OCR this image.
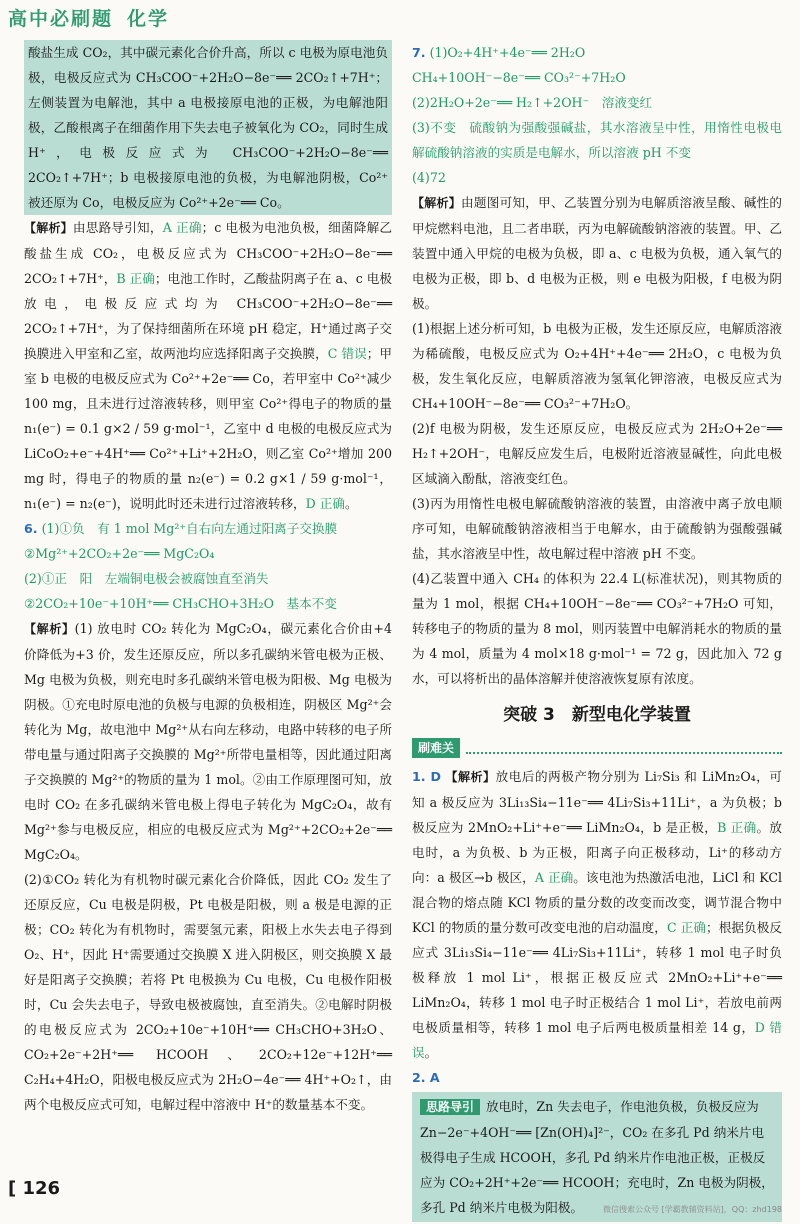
高中必刷题 化学

酸盐生成 CO₂，其中碳元素化合价升高，所以 c 电极为原电池负极，电极反应式为 CH₃COO⁻+2H₂O−8e⁻══ 2CO₂↑+7H⁺；左侧装置为电解池，其中 a 电极接原电池的正极，为电解池阳极，乙酸根离子在细菌作用下失去电子被氧化为 CO₂，同时生成 H⁺，电极反应式为 CH₃COO⁻+2H₂O−8e⁻══ 2CO₂↑+7H⁺；b 电极接原电池的负极，为电解池阴极，Co²⁺被还原为 Co，电极反应为 Co²⁺+2e⁻══ Co。

【解析】由思路导引知，A 正确；c 电极为电池负极，细菌降解乙酸盐生成 CO₂，电极反应式为 CH₃COO⁻+2H₂O−8e⁻══ 2CO₂↑+7H⁺，B 正确；电池工作时，乙酸盐阴离子在 a、c 电极放电，电极反应式均为 CH₃COO⁻+2H₂O−8e⁻══ 2CO₂↑+7H⁺，为了保持细菌所在环境 pH 稳定，H⁺通过离子交换膜进入甲室和乙室，故两池均应选择阳离子交换膜，C 错误；甲室 b 电极的电极反应式为 Co²⁺+2e⁻══ Co，若甲室中 Co²⁺减少 100 mg，且未进行过溶液转移，则甲室 Co²⁺得电子的物质的量 n₁(e⁻) = 0.1 g×2 / 59 g·mol⁻¹，乙室中 d 电极的电极反应式为 LiCoO₂+e⁻+4H⁺══ Co²⁺+Li⁺+2H₂O，则乙室 Co²⁺增加 200 mg 时，得电子的物质的量 n₂(e⁻) = 0.2 g×1 / 59 g·mol⁻¹，n₁(e⁻) = n₂(e⁻)，说明此时还未进行过溶液转移，D 正确。

6. (1)①负　有 1 mol Mg²⁺自右向左通过阳离子交换膜

②Mg²⁺+2CO₂+2e⁻══ MgC₂O₄

(2)①正　阳　左端铜电极会被腐蚀直至消失

②2CO₂+10e⁻+10H⁺══ CH₃CHO+3H₂O　基本不变

【解析】(1) 放电时 CO₂ 转化为 MgC₂O₄，碳元素化合价由+4 价降低为+3 价，发生还原反应，所以多孔碳纳米管电极为正极、Mg 电极为负极，则充电时多孔碳纳米管电极为阳极、Mg 电极为阴极。①充电时原电池的负极与电源的负极相连，阴极区 Mg²⁺会转化为 Mg，故电池中 Mg²⁺从右向左移动，电路中转移的电子所带电量与通过阳离子交换膜的 Mg²⁺所带电量相等，因此通过阳离子交换膜的 Mg²⁺的物质的量为 1 mol。②由工作原理图可知，放电时 CO₂ 在多孔碳纳米管电极上得电子转化为 MgC₂O₄，故有 Mg²⁺参与电极反应，相应的电极反应式为 Mg²⁺+2CO₂+2e⁻══ MgC₂O₄。

(2)①CO₂ 转化为有机物时碳元素化合价降低，因此 CO₂ 发生了还原反应，Cu 电极是阴极，Pt 电极是阳极，则 a 极是电源的正极；CO₂ 转化为有机物时，需要氢元素，阳极上水失去电子得到 O₂、H⁺，因此 H⁺需要通过交换膜 X 进入阴极区，则交换膜 X 最好是阳离子交换膜；若将 Pt 电极换为 Cu 电极，Cu 电极作阳极时，Cu 会失去电子，导致电极被腐蚀，直至消失。②电解时阴极的电极反应式为 2CO₂+10e⁻+10H⁺══ CH₃CHO+3H₂O、CO₂+2e⁻+2H⁺══ HCOOH、2CO₂+12e⁻+12H⁺══ C₂H₄+4H₂O，阳极电极反应式为 2H₂O−4e⁻══ 4H⁺+O₂↑，由两个电极反应式可知，电解过程中溶液中 H⁺的数量基本不变。

7. (1)O₂+4H⁺+4e⁻══ 2H₂O

CH₄+10OH⁻−8e⁻══ CO₃²⁻+7H₂O

(2)2H₂O+2e⁻══ H₂↑+2OH⁻　溶液变红

(3)不变　硫酸钠为强酸强碱盐，其水溶液呈中性，用惰性电极电解硫酸钠溶液的实质是电解水，所以溶液 pH 不变

(4)72

【解析】由题图可知，甲、乙装置分别为电解质溶液呈酸、碱性的甲烷燃料电池，且二者串联，丙为电解硫酸钠溶液的装置。甲、乙装置中通入甲烷的电极为负极，即 a、c 电极为负极，通入氧气的电极为正极，即 b、d 电极为正极，则 e 电极为阳极，f 电极为阴极。

(1)根据上述分析可知，b 电极为正极，发生还原反应，电解质溶液为稀硫酸，电极反应式为 O₂+4H⁺+4e⁻══ 2H₂O，c 电极为负极，发生氧化反应，电解质溶液为氢氧化钾溶液，电极反应式为 CH₄+10OH⁻−8e⁻══ CO₃²⁻+7H₂O。

(2)f 电极为阴极，发生还原反应，电极反应式为 2H₂O+2e⁻══ H₂↑+2OH⁻，电解反应发生后，电极附近溶液显碱性，向此电极区域滴入酚酞，溶液变红色。

(3)丙为用惰性电极电解硫酸钠溶液的装置，由溶液中离子放电顺序可知，电解硫酸钠溶液相当于电解水，由于硫酸钠为强酸强碱盐，其水溶液呈中性，故电解过程中溶液 pH 不变。

(4)乙装置中通入 CH₄ 的体积为 22.4 L(标准状况)，则其物质的量为 1 mol，根据 CH₄+10OH⁻−8e⁻══ CO₃²⁻+7H₂O 可知，转移电子的物质的量为 8 mol，则丙装置中电解消耗水的物质的量为 4 mol，质量为 4 mol×18 g·mol⁻¹ = 72 g，因此加入 72 g 水，可以将析出的晶体溶解并使溶液恢复原有浓度。

突破 3　新型电化学装置
刷难关

1. D 【解析】放电后的两极产物分别为 Li₇Si₃ 和 LiMn₂O₄，可知 a 极反应为 3Li₁₃Si₄−11e⁻══ 4Li₇Si₃+11Li⁺，a 为负极；b 极反应为 2MnO₂+Li⁺+e⁻══ LiMn₂O₄，b 是正极，B 正确。放电时，a 为负极、b 为正极，阳离子向正极移动，Li⁺的移动方向：a 极区→b 极区，A 正确。该电池为热激活电池，LiCl 和 KCl 混合物的熔点随 KCl 物质的量分数的改变而改变，调节混合物中 KCl 的物质的量分数可改变电池的启动温度，C 正确；根据负极反应式 3Li₁₃Si₄−11e⁻══ 4Li₇Si₃+11Li⁺，转移 1 mol 电子时负极释放 1 mol Li⁺，根据正极反应式 2MnO₂+Li⁺+e⁻══ LiMn₂O₄，转移 1 mol 电子时正极结合 1 mol Li⁺，若放电前两电极质量相等，转移 1 mol 电子后两电极质量相差 14 g，D 错误。

2. A

思路导引 放电时，Zn 失去电子，作电池负极，负极反应为 Zn−2e⁻+4OH⁻══ [Zn(OH)₄]²⁻，CO₂ 在多孔 Pd 纳米片电极得电子生成 HCOOH，多孔 Pd 纳米片作电池正极，正极反应为 CO₂+2H⁺+2e⁻══ HCOOH；充电时，Zn 电极为阴极，多孔 Pd 纳米片电极为阳极。
[ 126
微信搜索公众号 [学霸教辅资料站]，QQ：zhd198
